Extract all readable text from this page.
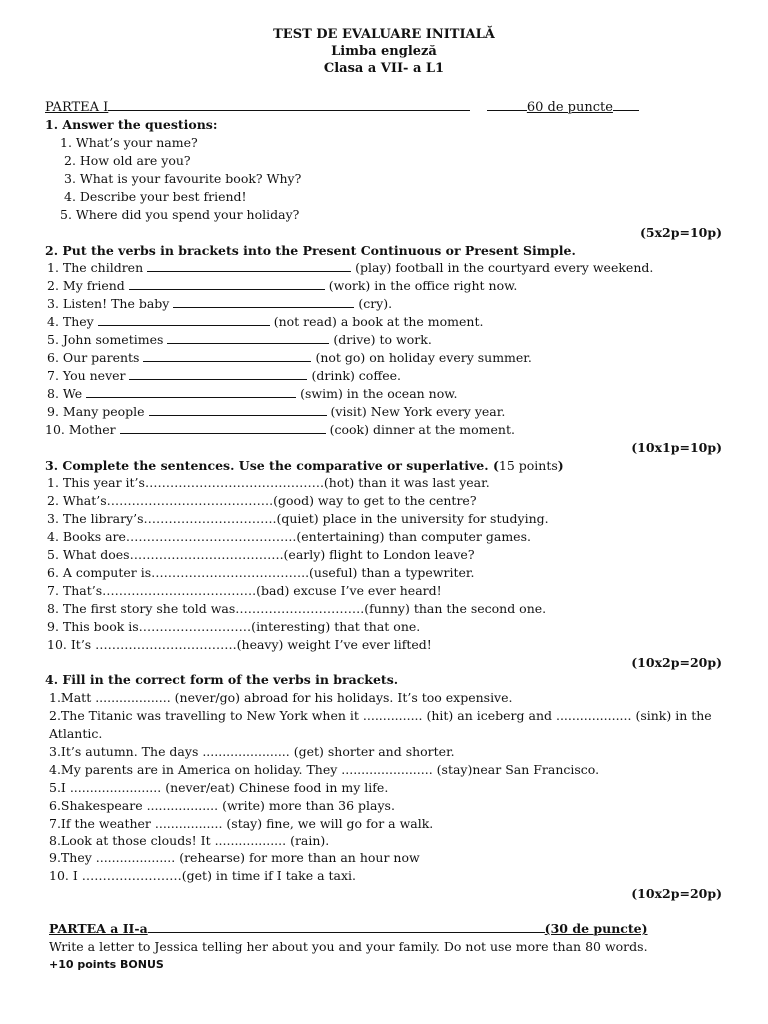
TEST DE EVALUARE INITIALĂ
Limba engleză
Clasa a VII- a L1
PARTEA I	60 de puncte
1. Answer the questions:
1. What’s your name?
2. How old are you?
3. What is your favourite book? Why?
4. Describe your best friend!
5. Where did you spend your holiday?
(5x2p=10p)
2. Put the verbs in brackets into the Present Continuous or Present Simple.
1. The children	(play) football in the courtyard every weekend.
2. My friend	(work) in the office right now.
3. Listen! The baby	(cry).
4. They	(not read) a book at the moment.
5. John sometimes	(drive) to work.
6. Our parents	(not go) on holiday every summer.
7. You never	(drink) coffee.
8. We	(swim) in the ocean now.
9. Many people	(visit) New York every year.
10. Mother	(cook) dinner at the moment.
(10x1p=10p)
3. Complete the sentences. Use the comparative or superlative. (15 points)
1. This year it’s…………………………………….(hot) than it was last year.
2. What’s………………………………….(good) way to get to the centre?
3. The library’s…………………………..(quiet) place in the university for studying.
4. Books are…………………………………..(entertaining) than computer games.
5. What does……………………………….(early) flight to London leave?
6. A computer is………………………………..(useful) than a typewriter.
7. That’s……………………………….(bad) excuse I’ve ever heard!
8. The first story she told was………………………….(funny) than the second one.
9. This book is………………………(interesting) that that one.
10. It’s …………………………….(heavy) weight I’ve ever lifted!
(10x2p=20p)
4. Fill in the correct form of the verbs in brackets.
1.Matt ................... (never/go) abroad for his holidays. It’s too expensive.
2.The Titanic was travelling to New York when it ............... (hit) an iceberg and ................... (sink) in the
Atlantic.
3.It’s autumn. The days ...................... (get) shorter and shorter.
4.My parents are in America on holiday. They ....................... (stay)near San Francisco.
5.I ....................... (never/eat) Chinese food in my life.
6.Shakespeare .................. (write) more than 36 plays.
7.If the weather ................. (stay) fine, we will go for a walk.
8.Look at those clouds! It .................. (rain).
9.They .................... (rehearse) for more than an hour now
10. I ……………………(get) in time if I take a taxi.
(10x2p=20p)
PARTEA a II-a	(30 de puncte)
Write a letter to Jessica telling her about you and your family. Do not use more than 80 words.
+10 points BONUS
